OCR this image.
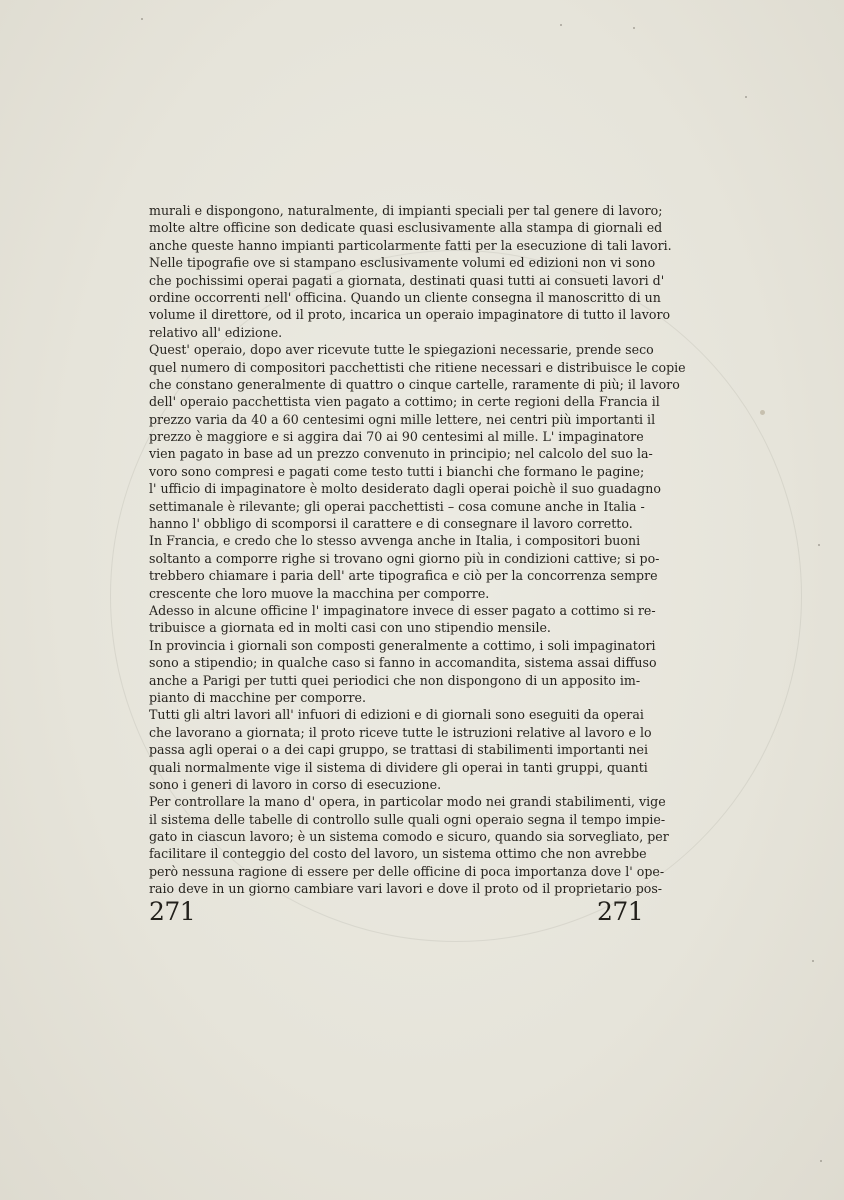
murali e dispongono, naturalmente, di impianti speciali per tal genere di lavoro;
molte altre officine son dedicate quasi esclusivamente alla stampa di giornali ed
anche queste hanno impianti particolarmente fatti per la esecuzione di tali lavori.
Nelle tipografie ove si stampano esclusivamente volumi ed edizioni non vi sono
che pochissimi operai pagati a giornata, destinati quasi tutti ai consueti lavori d'
ordine occorrenti nell' officina. Quando un cliente consegna il manoscritto di un
volume il direttore, od il proto, incarica un operaio impaginatore di tutto il lavoro
relativo all' edizione.
Quest' operaio, dopo aver ricevute tutte le spiegazioni necessarie, prende seco
quel numero di compositori pacchettisti che ritiene necessari e distribuisce le copie
che constano generalmente di quattro o cinque cartelle, raramente di più; il lavoro
dell' operaio pacchettista vien pagato a cottimo; in certe regioni della Francia il
prezzo varia da 40 a 60 centesimi ogni mille lettere, nei centri più importanti il
prezzo è maggiore e si aggira dai 70 ai 90 centesimi al mille. L' impaginatore
vien pagato in base ad un prezzo convenuto in principio; nel calcolo del suo la-
voro sono compresi e pagati come testo tutti i bianchi che formano le pagine;
l' ufficio di impaginatore è molto desiderato dagli operai poichè il suo guadagno
settimanale è rilevante; gli operai pacchettisti – cosa comune anche in Italia -
hanno l' obbligo di scomporsi il carattere e di consegnare il lavoro corretto.
In Francia, e credo che lo stesso avvenga anche in Italia, i compositori buoni
soltanto a comporre righe si trovano ogni giorno più in condizioni cattive; si po-
trebbero chiamare i paria dell' arte tipografica e ciò per la concorrenza sempre
crescente che loro muove la macchina per comporre.
Adesso in alcune officine l' impaginatore invece di esser pagato a cottimo si re-
tribuisce a giornata ed in molti casi con uno stipendio mensile.
In provincia i giornali son composti generalmente a cottimo, i soli impaginatori
sono a stipendio; in qualche caso si fanno in accomandita, sistema assai diffuso
anche a Parigi per tutti quei periodici che non dispongono di un apposito im-
pianto di macchine per comporre.
Tutti gli altri lavori all' infuori di edizioni e di giornali sono eseguiti da operai
che lavorano a giornata; il proto riceve tutte le istruzioni relative al lavoro e lo
passa agli operai o a dei capi gruppo, se trattasi di stabilimenti importanti nei
quali normalmente vige il sistema di dividere gli operai in tanti gruppi, quanti
sono i generi di lavoro in corso di esecuzione.
Per controllare la mano d' opera, in particolar modo nei grandi stabilimenti, vige
il sistema delle tabelle di controllo sulle quali ogni operaio segna il tempo impie-
gato in ciascun lavoro; è un sistema comodo e sicuro, quando sia sorvegliato, per
facilitare il conteggio del costo del lavoro, un sistema ottimo che non avrebbe
però nessuna ragione di essere per delle officine di poca importanza dove l' ope-
raio deve in un giorno cambiare vari lavori e dove il proto od il proprietario pos-
271	271
